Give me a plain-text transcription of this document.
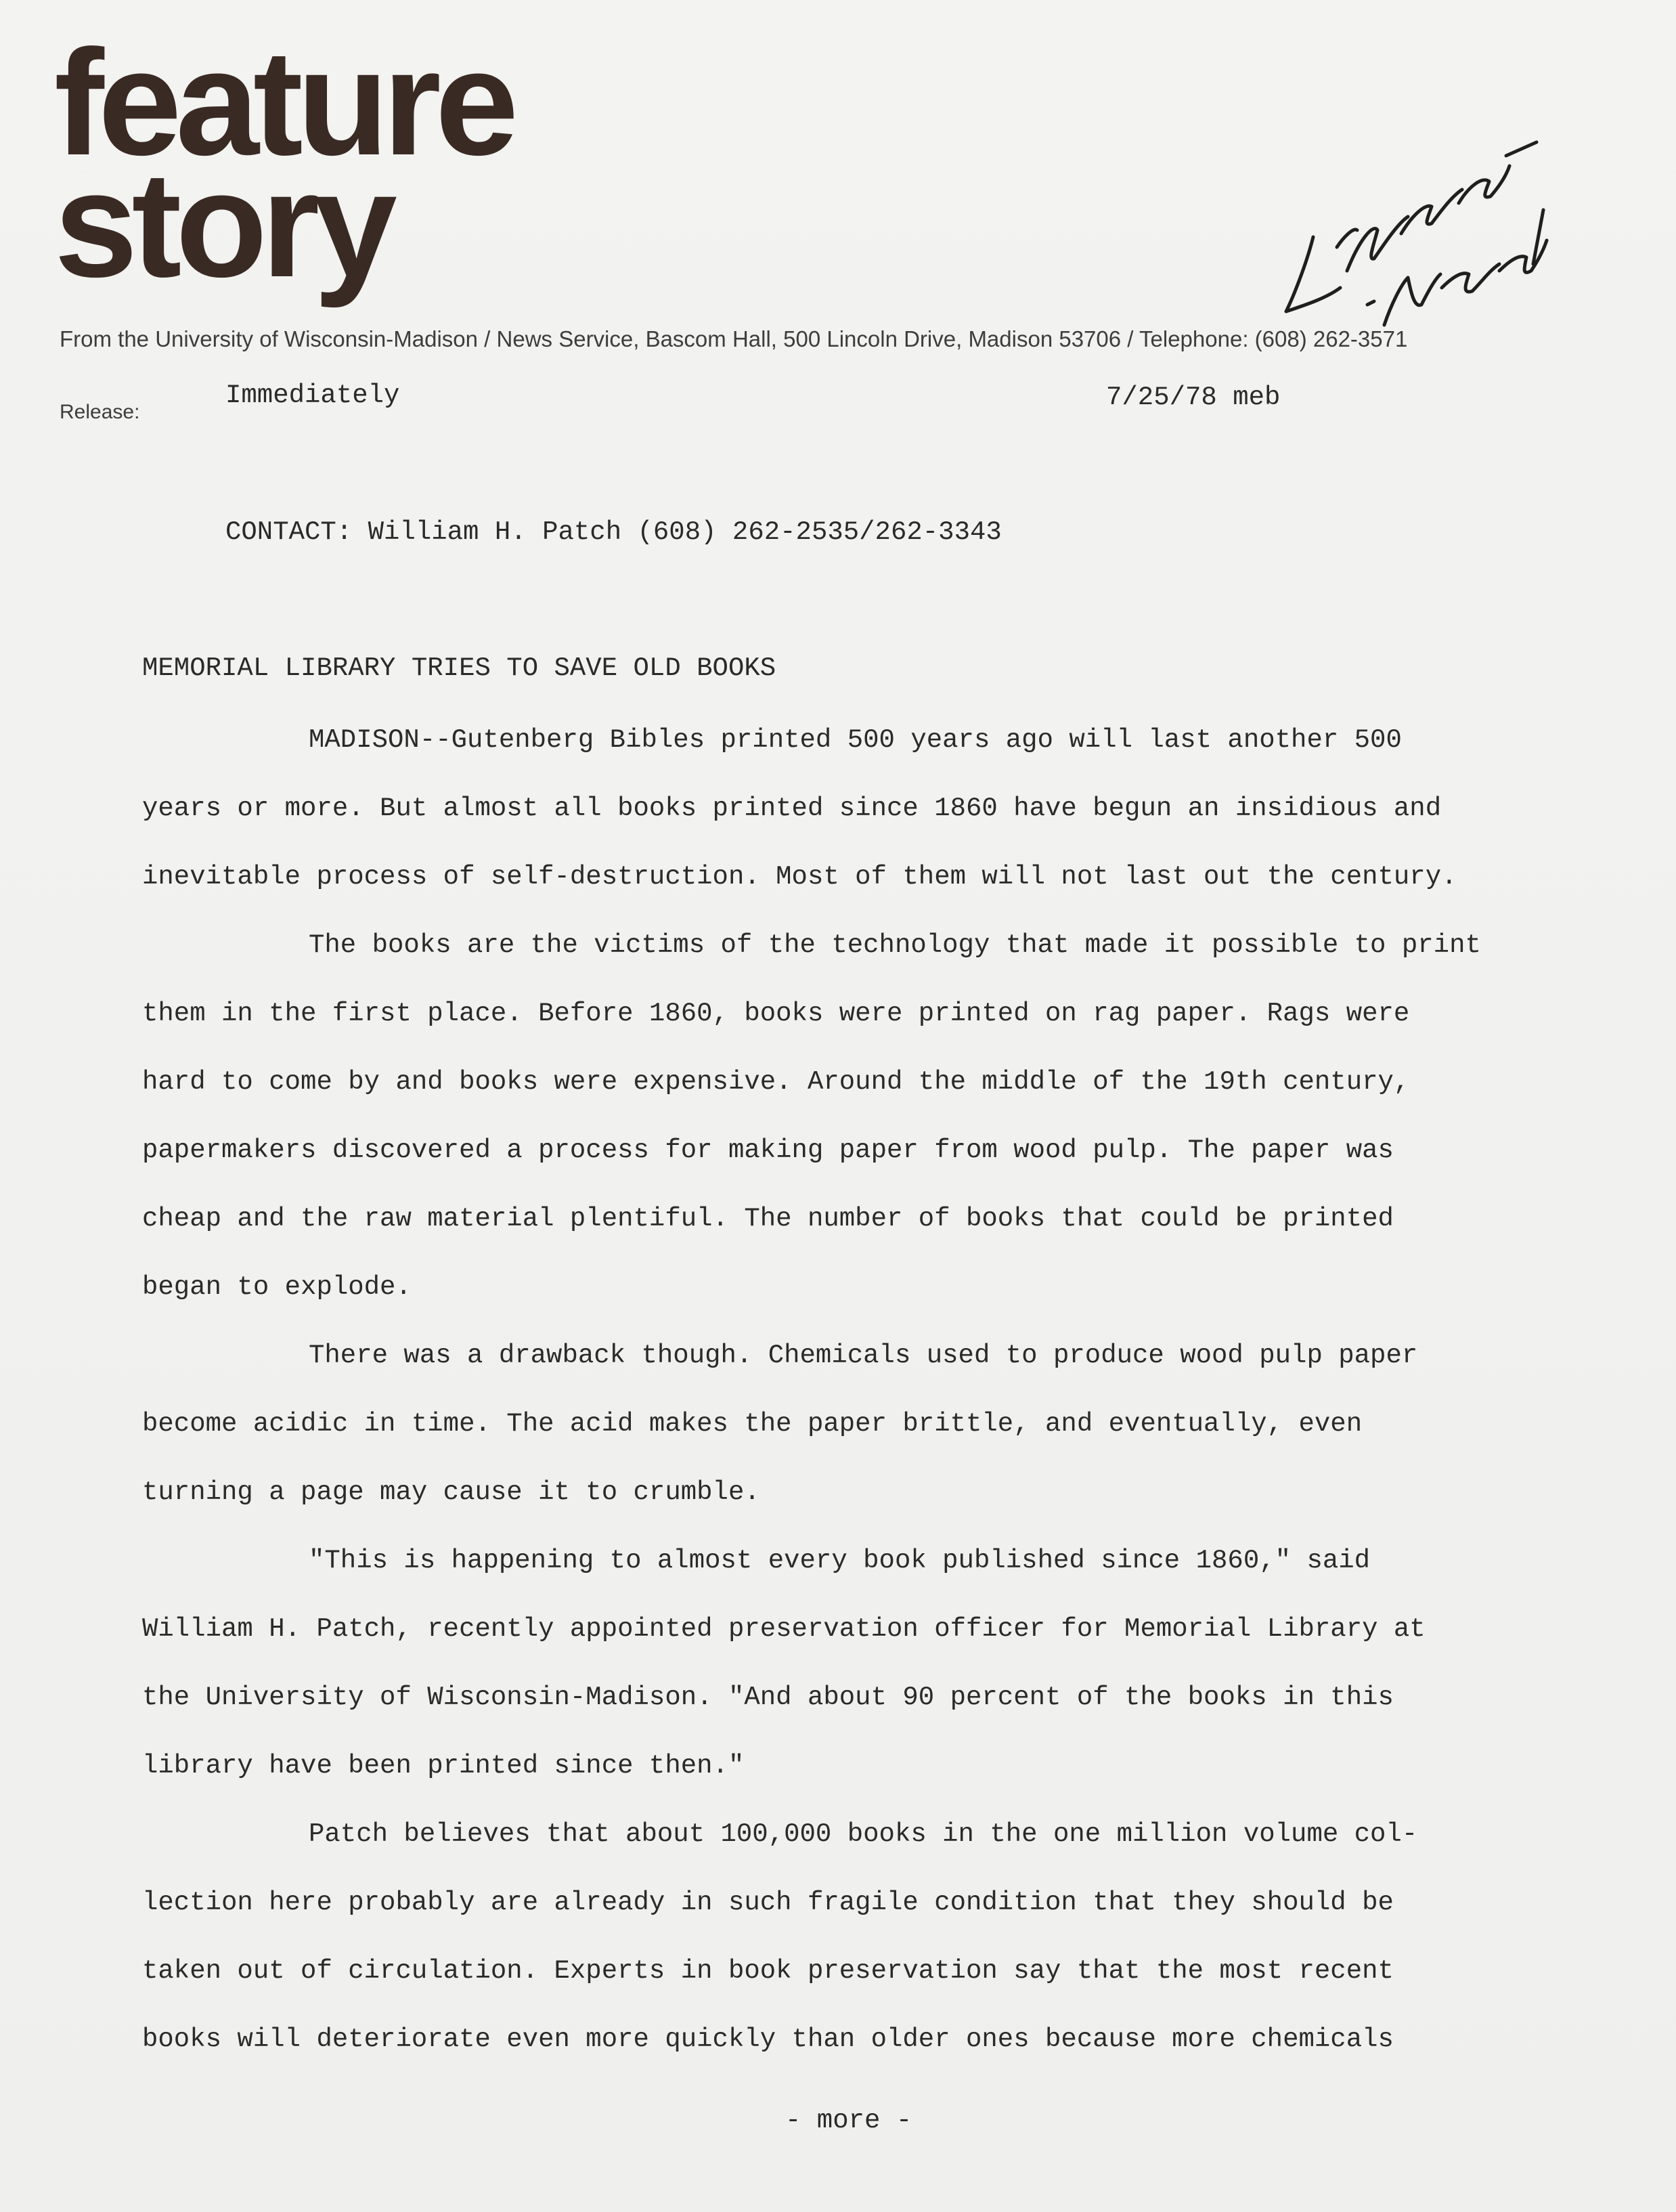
feature
story
From the University of Wisconsin-Madison / News Service, Bascom Hall, 500 Lincoln Drive, Madison 53706 / Telephone: (608) 262-3571
Release:
Immediately	7/25/78 meb
CONTACT: William H. Patch (608) 262-2535/262-3343
MEMORIAL LIBRARY TRIES TO SAVE OLD BOOKS
MADISON--Gutenberg Bibles printed 500 years ago will last another 500
years or more. But almost all books printed since 1860 have begun an insidious and
inevitable process of self-destruction. Most of them will not last out the century.
The books are the victims of the technology that made it possible to print
them in the first place. Before 1860, books were printed on rag paper. Rags were
hard to come by and books were expensive. Around the middle of the 19th century,
papermakers discovered a process for making paper from wood pulp. The paper was
cheap and the raw material plentiful. The number of books that could be printed
began to explode.
There was a drawback though. Chemicals used to produce wood pulp paper
become acidic in time. The acid makes the paper brittle, and eventually, even
turning a page may cause it to crumble.
"This is happening to almost every book published since 1860," said
William H. Patch, recently appointed preservation officer for Memorial Library at
the University of Wisconsin-Madison. "And about 90 percent of the books in this
library have been printed since then."
Patch believes that about 100,000 books in the one million volume col-
lection here probably are already in such fragile condition that they should be
taken out of circulation. Experts in book preservation say that the most recent
books will deteriorate even more quickly than older ones because more chemicals
- more -
